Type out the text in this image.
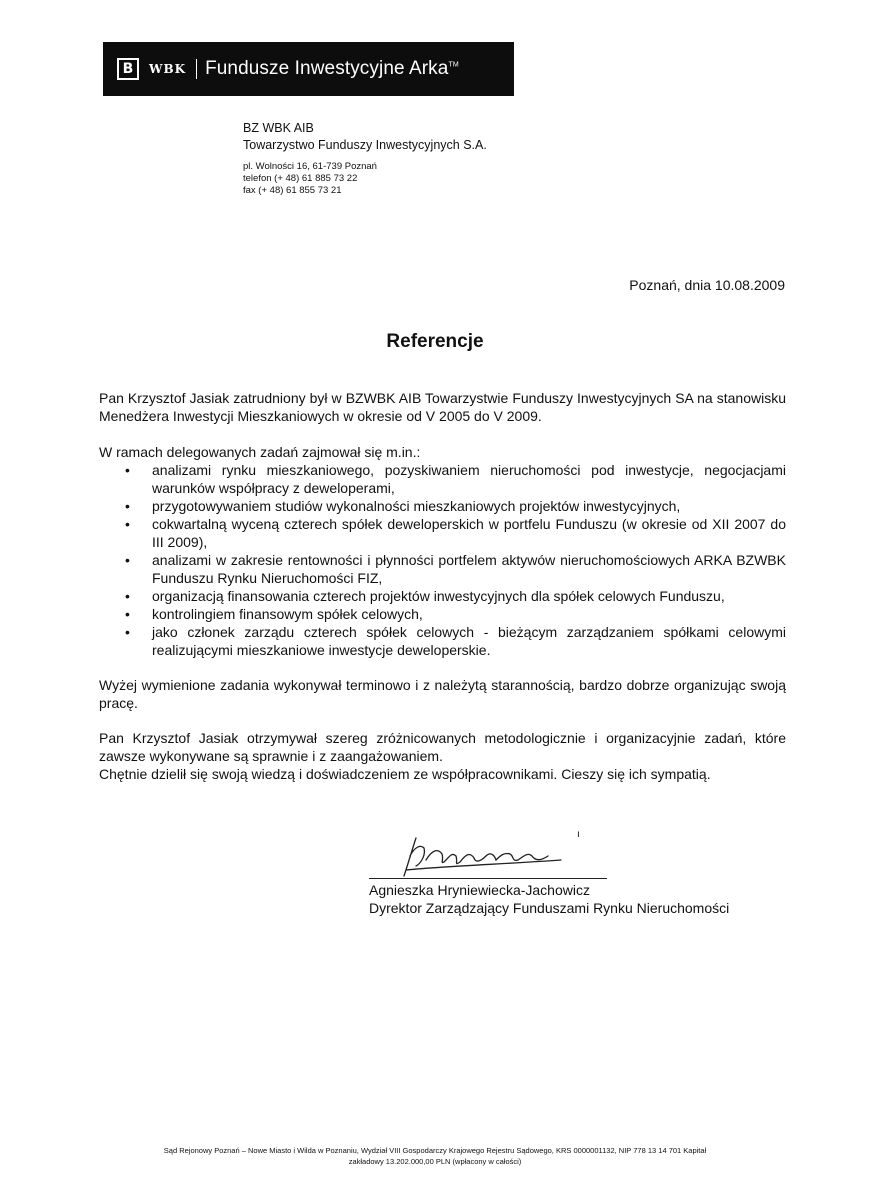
B WBK Fundusze Inwestycyjne Arka™
BZ WBK AIB
Towarzystwo Funduszy Inwestycyjnych S.A.
pl. Wolności 16, 61-739 Poznań
telefon (+ 48) 61 885 73 22
fax (+ 48) 61 855 73 21
Poznań, dnia 10.08.2009
Referencje

Pan Krzysztof Jasiak zatrudniony był w BZWBK AIB Towarzystwie Funduszy Inwestycyjnych SA na stanowisku Menedżera Inwestycji Mieszkaniowych w okresie od V 2005 do V 2009.

W ramach delegowanych zadań zajmował się m.in.:

• analizami rynku mieszkaniowego, pozyskiwaniem nieruchomości pod inwestycje, negocjacjami warunków współpracy z deweloperami,
• przygotowywaniem studiów wykonalności mieszkaniowych projektów inwestycyjnych,
• cokwartalną wyceną czterech spółek deweloperskich w portfelu Funduszu (w okresie od XII 2007 do III 2009),
• analizami w zakresie rentowności i płynności portfelem aktywów nieruchomościowych ARKA BZWBK Funduszu Rynku Nieruchomości FIZ,
• organizacją finansowania czterech projektów inwestycyjnych dla spółek celowych Funduszu,
• kontrolingiem finansowym spółek celowych,
• jako członek zarządu czterech spółek celowych - bieżącym zarządzaniem spółkami celowymi realizującymi mieszkaniowe inwestycje deweloperskie.

Wyżej wymienione zadania wykonywał terminowo i z należytą starannością, bardzo dobrze organizując swoją pracę.

Pan Krzysztof Jasiak otrzymywał szereg zróżnicowanych metodologicznie i organizacyjnie zadań, które zawsze wykonywane są sprawnie i z zaangażowaniem.

Chętnie dzielił się swoją wiedzą i doświadczeniem ze współpracownikami. Cieszy się ich sympatią.

ı
Agnieszka Hryniewiecka-Jachowicz
Dyrektor Zarządzający Funduszami Rynku Nieruchomości
Sąd Rejonowy Poznań – Nowe Miasto i Wilda w Poznaniu, Wydział VIII Gospodarczy Krajowego Rejestru Sądowego, KRS 0000001132, NIP 778 13 14 701 Kapitał
zakładowy 13.202.000,00 PLN (wpłacony w całości)
